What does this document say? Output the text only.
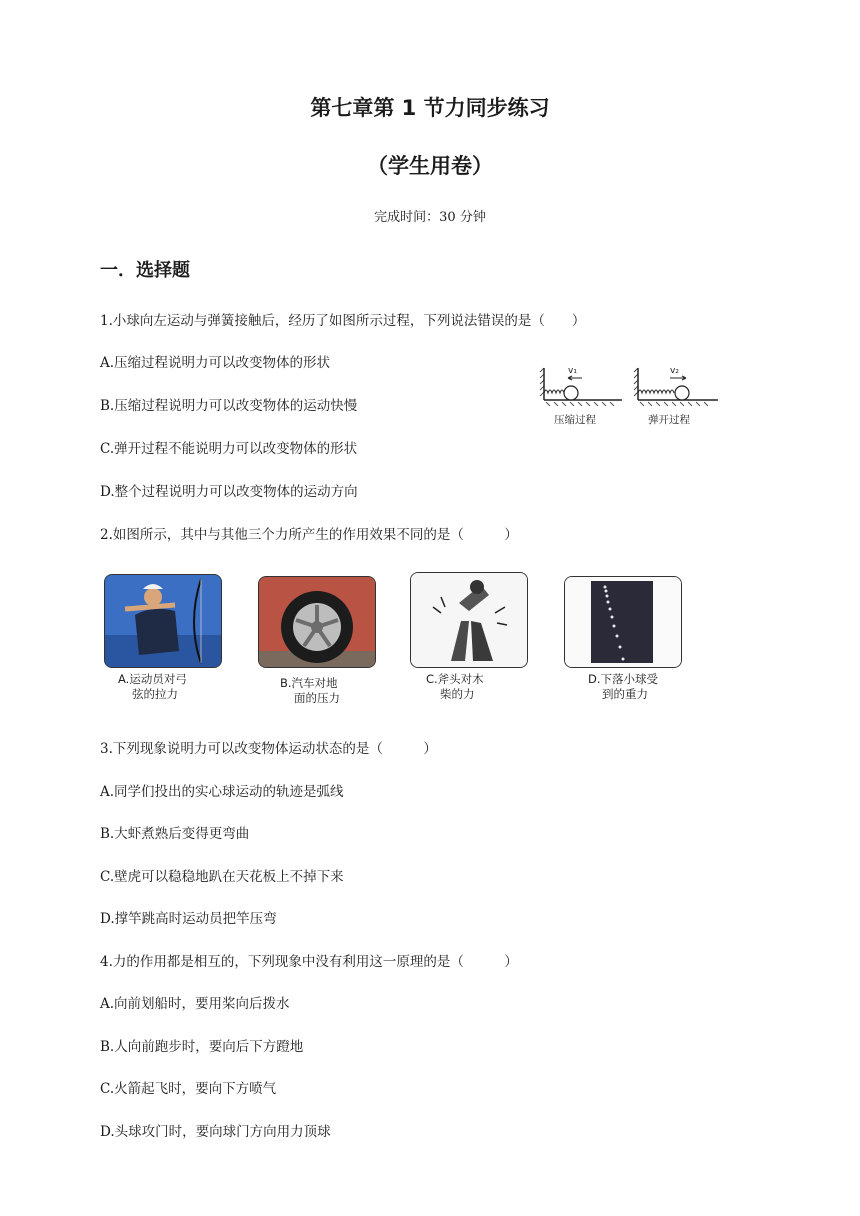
第七章第 1 节力同步练习
（学生用卷）
完成时间：30 分钟
一．选择题
1.小球向左运动与弹簧接触后，经历了如图所示过程，下列说法错误的是（　　）
A.压缩过程说明力可以改变物体的形状
B.压缩过程说明力可以改变物体的运动快慢
C.弹开过程不能说明力可以改变物体的形状
D.整个过程说明力可以改变物体的运动方向
v₁	v₂
压缩过程	弹开过程
2.如图所示，其中与其他三个力所产生的作用效果不同的是（　　　）
A.运动员对弓
弦的拉力
B.汽车对地
面的压力
C.斧头对木
柴的力
D.下落小球受
到的重力
3.下列现象说明力可以改变物体运动状态的是（　　　）
A.同学们投出的实心球运动的轨迹是弧线
B.大虾煮熟后变得更弯曲
C.壁虎可以稳稳地趴在天花板上不掉下来
D.撑竿跳高时运动员把竿压弯
4.力的作用都是相互的，下列现象中没有利用这一原理的是（　　　）
A.向前划船时，要用桨向后拨水
B.人向前跑步时，要向后下方蹬地
C.火箭起飞时，要向下方喷气
D.头球攻门时，要向球门方向用力顶球
